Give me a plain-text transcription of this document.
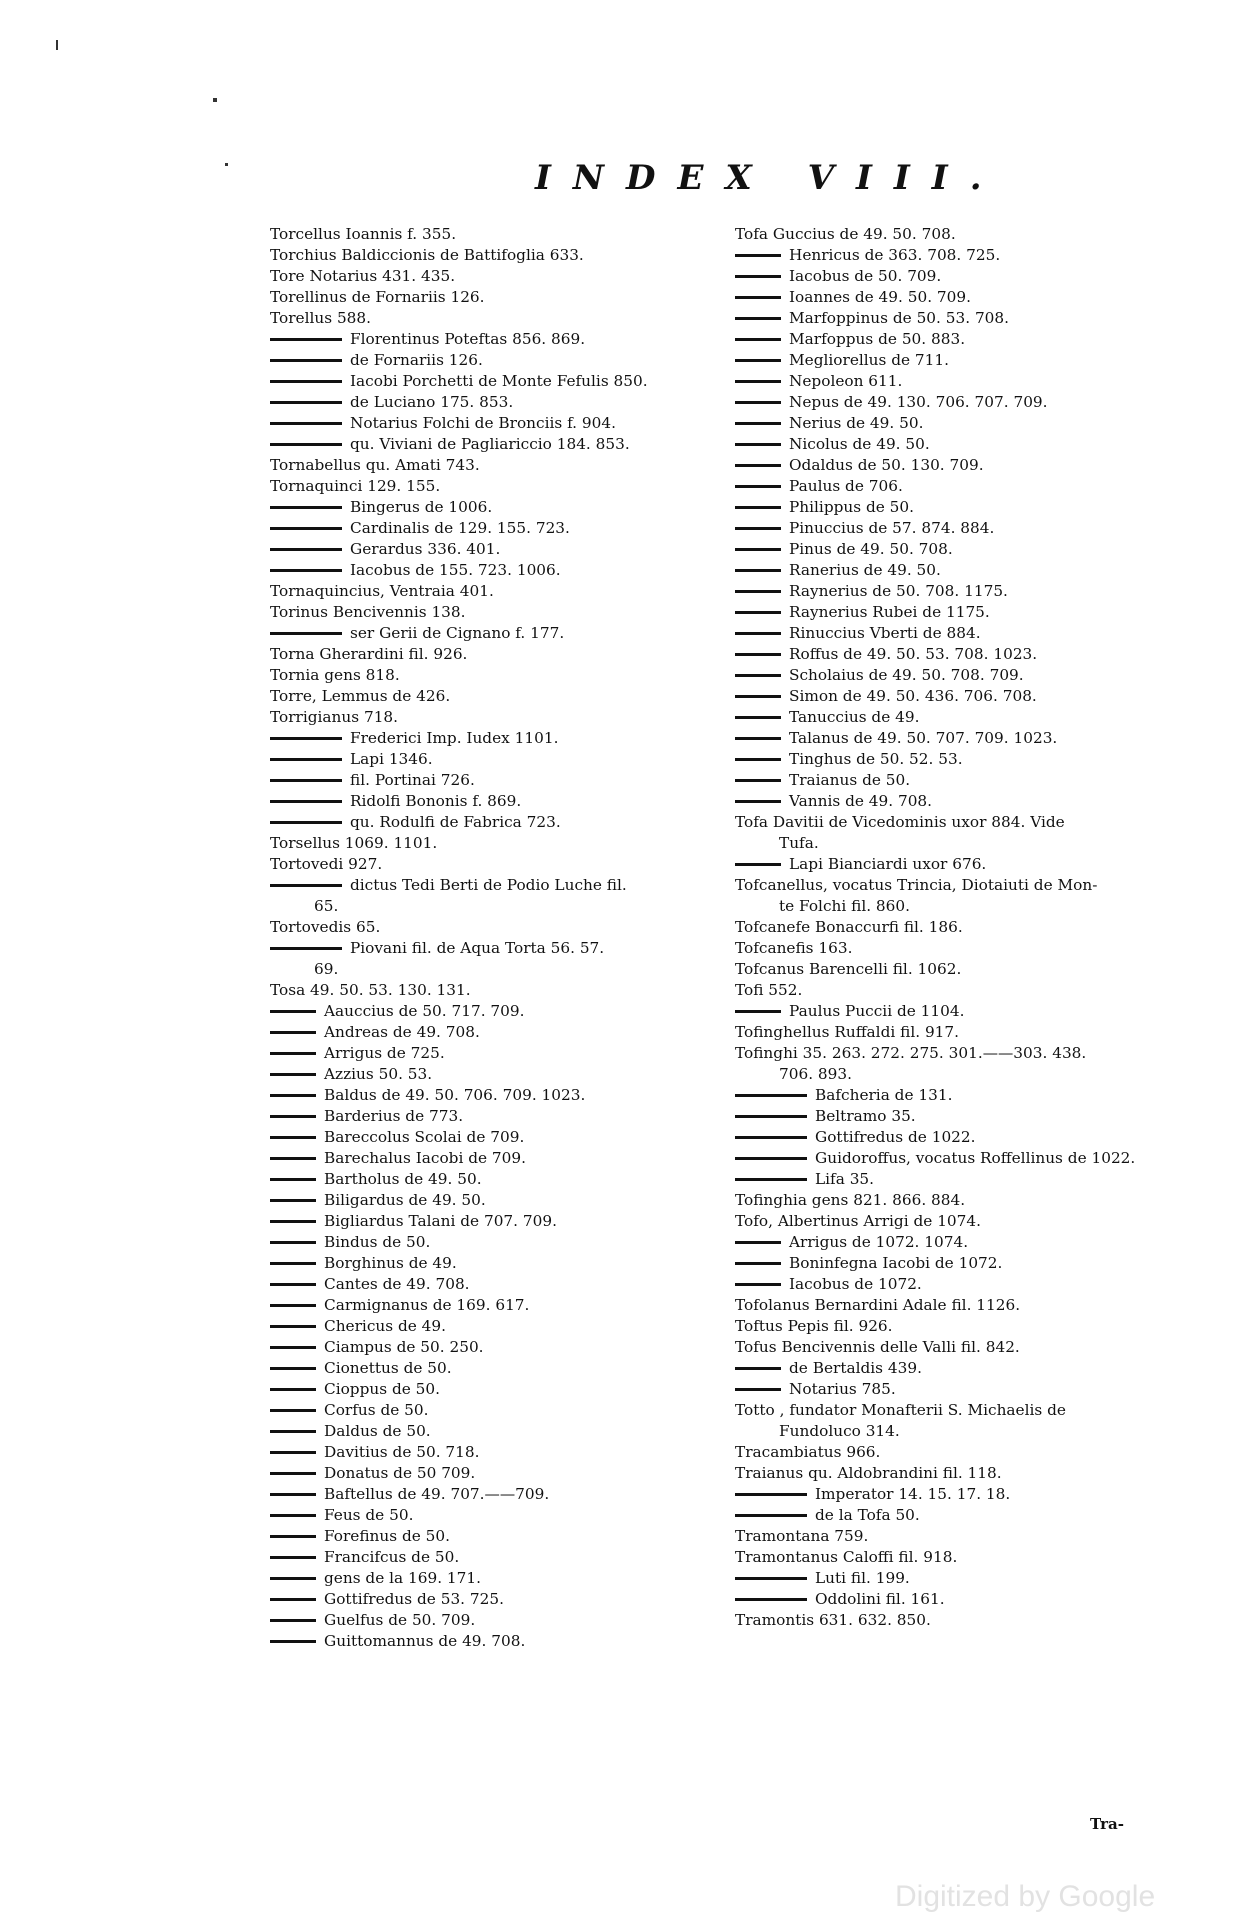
INDEX VIII.
Torcellus Ioannis f. 355.
Torchius Baldiccionis de Battifoglia 633.
Tore Notarius 431. 435.
Torellinus de Fornariis 126.
Torellus 588.
Florentinus Poteftas 856. 869.
de Fornariis 126.
Iacobi Porchetti de Monte Fefulis 850.
de Luciano 175. 853.
Notarius Folchi de Bronciis f. 904.
qu. Viviani de Pagliariccio 184. 853.
Tornabellus qu. Amati 743.
Tornaquinci 129. 155.
Bingerus de 1006.
Cardinalis de 129. 155. 723.
Gerardus 336. 401.
Iacobus de 155. 723. 1006.
Tornaquincius, Ventraia 401.
Torinus Bencivennis 138.
ser Gerii de Cignano f. 177.
Torna Gherardini fil. 926.
Tornia gens 818.
Torre, Lemmus de 426.
Torrigianus 718.
Frederici Imp. Iudex 1101.
Lapi 1346.
fil. Portinai 726.
Ridolfi Bononis f. 869.
qu. Rodulfi de Fabrica 723.
Torsellus 1069. 1101.
Tortovedi 927.
dictus Tedi Berti de Podio Luche fil.
65.
Tortovedis 65.
Piovani fil. de Aqua Torta 56. 57.
69.
Tosa 49. 50. 53. 130. 131.
Aauccius de 50. 717. 709.
Andreas de 49. 708.
Arrigus de 725.
Azzius 50. 53.
Baldus de 49. 50. 706. 709. 1023.
Barderius de 773.
Bareccolus Scolai de 709.
Barechalus Iacobi de 709.
Bartholus de 49. 50.
Biligardus de 49. 50.
Bigliardus Talani de 707. 709.
Bindus de 50.
Borghinus de 49.
Cantes de 49. 708.
Carmignanus de 169. 617.
Chericus de 49.
Ciampus de 50. 250.
Cionettus de 50.
Cioppus de 50.
Corfus de 50.
Daldus de 50.
Davitius de 50. 718.
Donatus de 50 709.
Baftellus de 49. 707.——709.
Feus de 50.
Forefinus de 50.
Francifcus de 50.
gens de la 169. 171.
Gottifredus de 53. 725.
Guelfus de 50. 709.
Guittomannus de 49. 708.
Tofa Guccius de 49. 50. 708.
Henricus de 363. 708. 725.
Iacobus de 50. 709.
Ioannes de 49. 50. 709.
Marfoppinus de 50. 53. 708.
Marfoppus de 50. 883.
Megliorellus de 711.
Nepoleon 611.
Nepus de 49. 130. 706. 707. 709.
Nerius de 49. 50.
Nicolus de 49. 50.
Odaldus de 50. 130. 709.
Paulus de 706.
Philippus de 50.
Pinuccius de 57. 874. 884.
Pinus de 49. 50. 708.
Ranerius de 49. 50.
Raynerius de 50. 708. 1175.
Raynerius Rubei de 1175.
Rinuccius Vberti de 884.
Roffus de 49. 50. 53. 708. 1023.
Scholaius de 49. 50. 708. 709.
Simon de 49. 50. 436. 706. 708.
Tanuccius de 49.
Talanus de 49. 50. 707. 709. 1023.
Tinghus de 50. 52. 53.
Traianus de 50.
Vannis de 49. 708.
Tofa Davitii de Vicedominis uxor 884. Vide
Tufa.
Lapi Bianciardi uxor 676.
Tofcanellus, vocatus Trincia, Diotaiuti de Mon-
te Folchi fil. 860.
Tofcanefe Bonaccurfi fil. 186.
Tofcanefis 163.
Tofcanus Barencelli fil. 1062.
Tofi 552.
Paulus Puccii de 1104.
Tofinghellus Ruffaldi fil. 917.
Tofinghi 35. 263. 272. 275. 301.——303. 438.
706. 893.
Bafcheria de 131.
Beltramo 35.
Gottifredus de 1022.
Guidoroffus, vocatus Roffellinus de 1022.
Lifa 35.
Tofinghia gens 821. 866. 884.
Tofo, Albertinus Arrigi de 1074.
Arrigus de 1072. 1074.
Boninfegna Iacobi de 1072.
Iacobus de 1072.
Tofolanus Bernardini Adale fil. 1126.
Toftus Pepis fil. 926.
Tofus Bencivennis delle Valli fil. 842.
de Bertaldis 439.
Notarius 785.
Totto , fundator Monafterii S. Michaelis de
Fundoluco 314.
Tracambiatus 966.
Traianus qu. Aldobrandini fil. 118.
Imperator 14. 15. 17. 18.
de la Tofa 50.
Tramontana 759.
Tramontanus Caloffi fil. 918.
Luti fil. 199.
Oddolini fil. 161.
Tramontis 631. 632. 850.
Tra-
Digitized by Google
